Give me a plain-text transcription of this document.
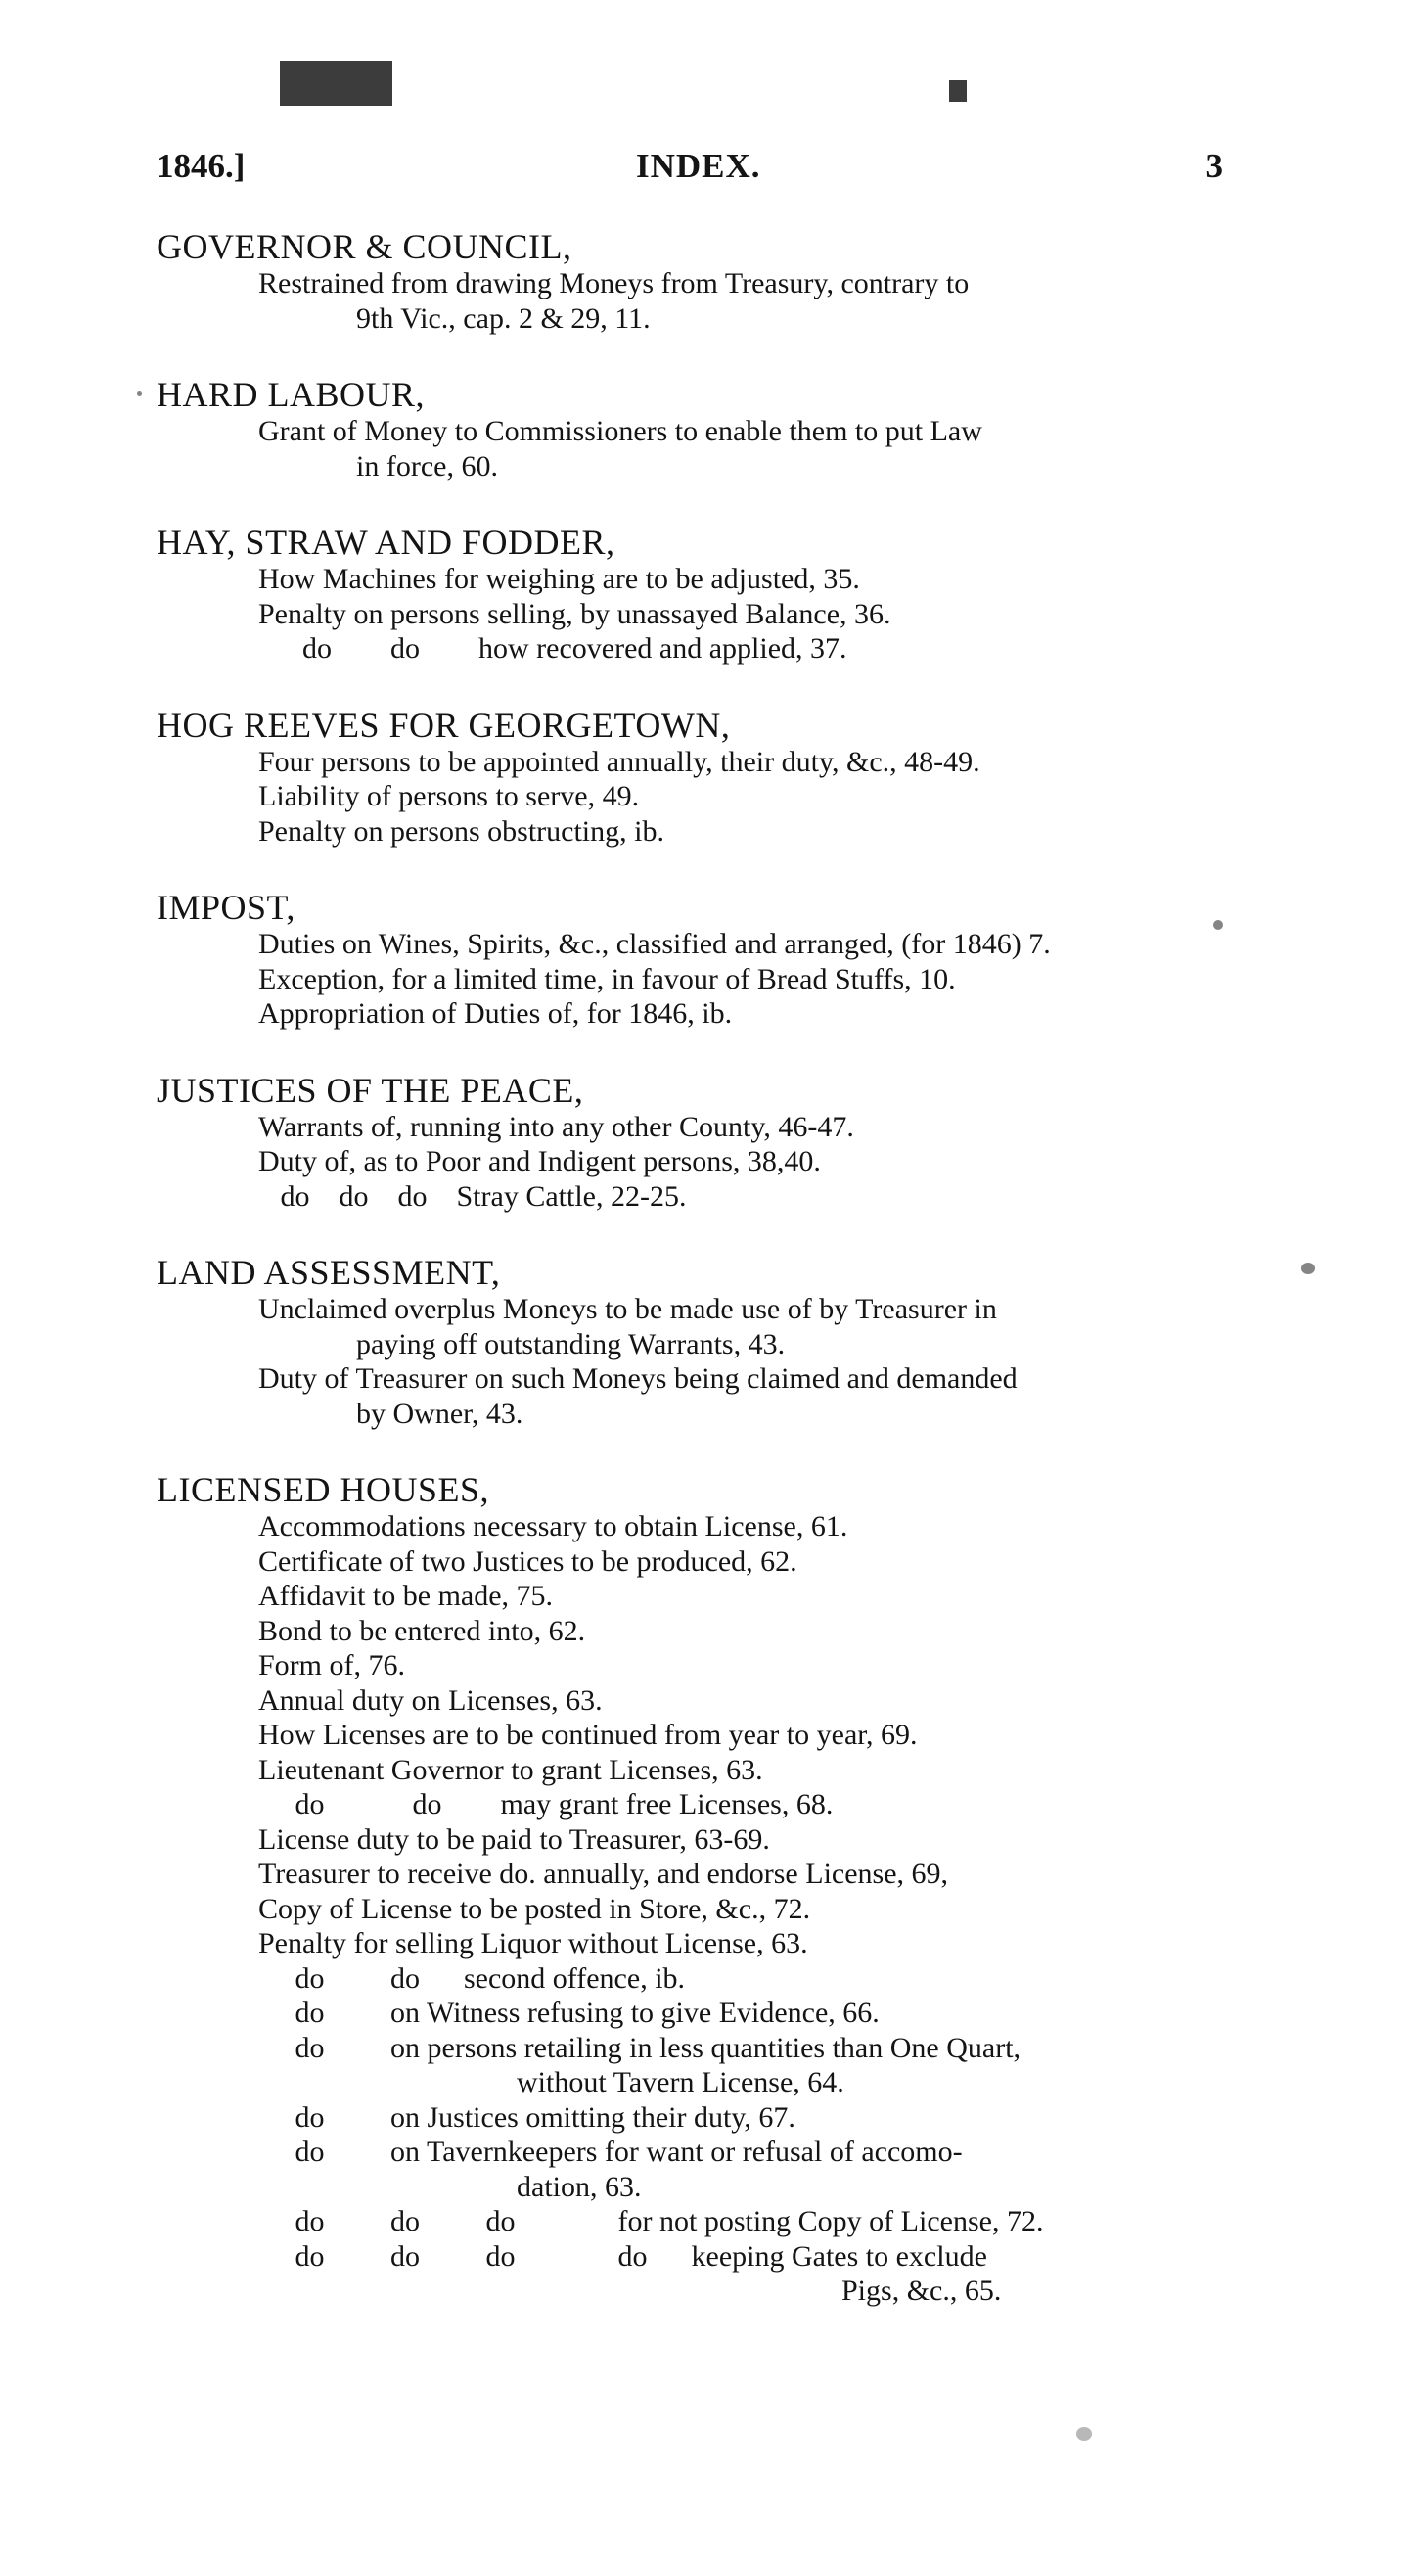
1846.]	INDEX.	3
GOVERNOR & COUNCIL,
Restrained from drawing Moneys from Treasury, contrary to
9th Vic., cap. 2 & 29, 11.
HARD LABOUR,
Grant of Money to Commissioners to enable them to put Law
in force, 60.
HAY, STRAW AND FODDER,
How Machines for weighing are to be adjusted, 35.
Penalty on persons selling, by unassayed Balance, 36.
do        do        how recovered and applied, 37.
HOG REEVES FOR GEORGETOWN,
Four persons to be appointed annually, their duty, &c., 48-49.
Liability of persons to serve, 49.
Penalty on persons obstructing, ib.
IMPOST,
Duties on Wines, Spirits, &c., classified and arranged, (for 1846) 7.
Exception, for a limited time, in favour of Bread Stuffs, 10.
Appropriation of Duties of, for 1846, ib.
JUSTICES OF THE PEACE,
Warrants of, running into any other County, 46-47.
Duty of, as to Poor and Indigent persons, 38,40.
do    do    do    Stray Cattle, 22-25.
LAND ASSESSMENT,
Unclaimed overplus Moneys to be made use of by Treasurer in
paying off outstanding Warrants, 43.
Duty of Treasurer on such Moneys being claimed and demanded
by Owner, 43.
LICENSED HOUSES,
Accommodations necessary to obtain License, 61.
Certificate of two Justices to be produced, 62.
Affidavit to be made, 75.
Bond to be entered into, 62.
Form of, 76.
Annual duty on Licenses, 63.
How Licenses are to be continued from year to year, 69.
Lieutenant Governor to grant Licenses, 63.
do            do        may grant free Licenses, 68.
License duty to be paid to Treasurer, 63-69.
Treasurer to receive do. annually, and endorse License, 69,
Copy of License to be posted in Store, &c., 72.
Penalty for selling Liquor without License, 63.
do         do      second offence, ib.
do         on Witness refusing to give Evidence, 66.
do         on persons retailing in less quantities than One Quart,
without Tavern License, 64.
do         on Justices omitting their duty, 67.
do         on Tavernkeepers for want or refusal of accomo-
dation, 63.
do         do         do              for not posting Copy of License, 72.
do         do         do              do      keeping Gates to exclude
Pigs, &c., 65.
